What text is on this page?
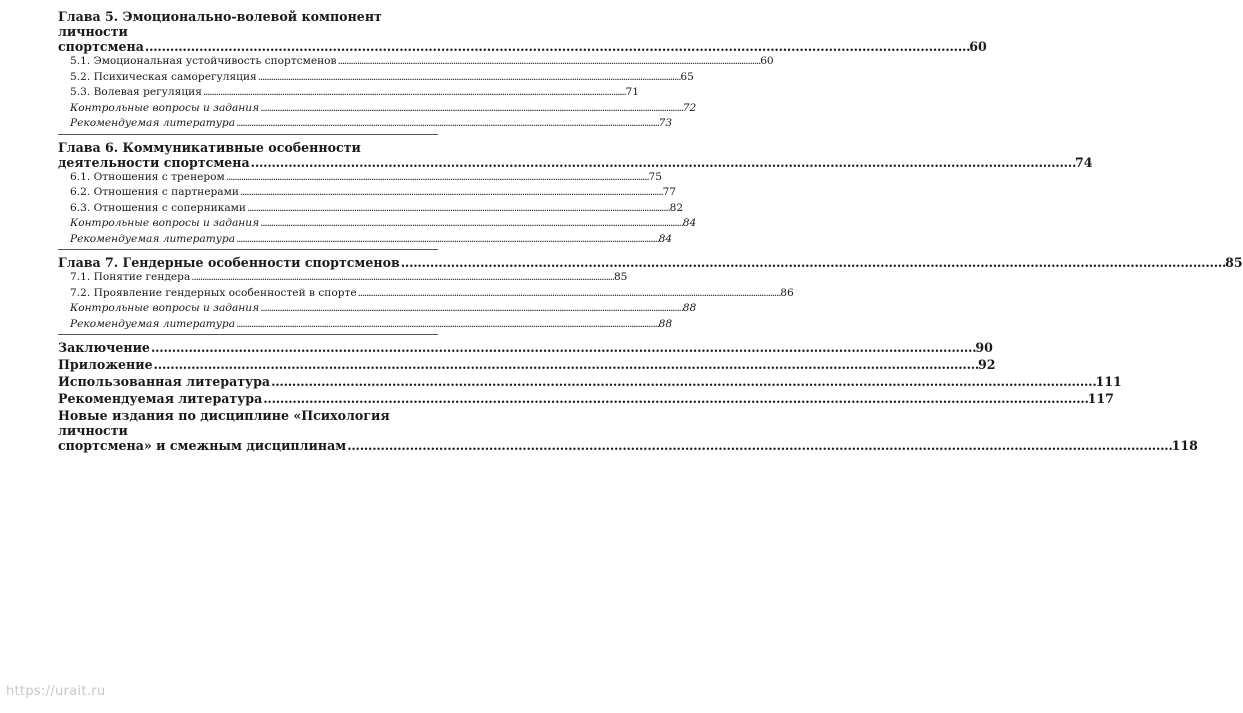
Глава 5. Эмоционально-волевой компонент личности
спортсмена . . .	60
5.1. Эмоциональная устойчивость спортсменов . . .	60
5.2. Психическая саморегуляция . . .	65
5.3. Волевая регуляция . . .	71
Контрольные вопросы и задания . . .	72
Рекомендуемая литература . . .	73
Глава 6. Коммуникативные особенности
деятельности спортсмена . . .	74
6.1. Отношения с тренером . . .	75
6.2. Отношения с партнерами . . .	77
6.3. Отношения с соперниками . . .	82
Контрольные вопросы и задания . . .	84
Рекомендуемая литература . . .	84
Глава 7. Гендерные особенности спортсменов . . .	85
7.1. Понятие гендера . . .	85
7.2. Проявление гендерных особенностей в спорте . . .	86
Контрольные вопросы и задания . . .	88
Рекомендуемая литература . . .	88
Заключение . . .	90
Приложение . . .	92
Использованная литература . . .	111
Рекомендуемая литература . . .	117
Новые издания по дисциплине «Психология личности
спортсмена» и смежным дисциплинам . . .	118
https://urait.ru
